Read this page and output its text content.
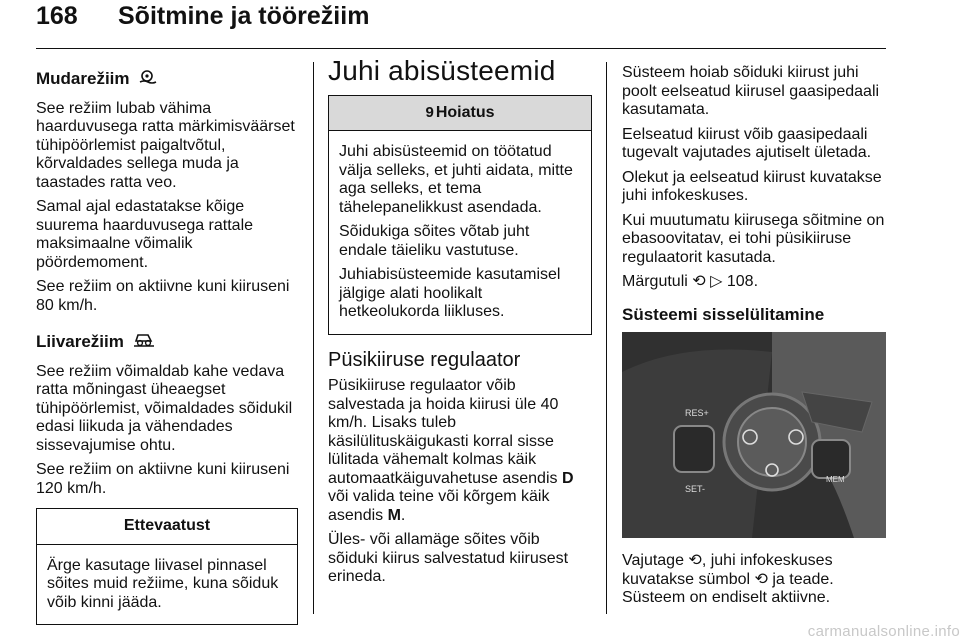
168 Sõitmine ja töörežiim
Mudarežiim

See režiim lubab vähima haarduvusega ratta märkimisväärset tühipöörlemist paigaltvõtul, kõrvaldades sellega muda ja taastades ratta veo.

Samal ajal edastatakse kõige suurema haarduvusega rattale maksimaalne võimalik pöördemoment.

See režiim on aktiivne kuni kiiruseni 80 km/h.

Liivarežiim

See režiim võimaldab kahe vedava ratta mõningast üheaegset tühipöörlemist, võimaldades sõidukil edasi liikuda ja vähendades sissevajumise ohtu.

See režiim on aktiivne kuni kiiruseni 120 km/h.

Ettevaatust

Ärge kasutage liivasel pinnasel sõites muid režiime, kuna sõiduk võib kinni jääda.

Juhi abisüsteemid
9 Hoiatus

Juhi abisüsteemid on töötatud välja selleks, et juhti aidata, mitte aga selleks, et tema tähelepanelikkust asendada.

Sõidukiga sõites võtab juht endale täieliku vastutuse.

Juhiabisüsteemide kasutamisel jälgige alati hoolikalt hetkeolukorda liikluses.

Püsikiiruse regulaator

Püsikiiruse regulaator võib salvestada ja hoida kiirusi üle 40 km/h. Lisaks tuleb käsilülituskäigukasti korral sisse lülitada vähemalt kolmas käik automaatkäiguvahetuse asendis D või valida teine või kõrgem käik asendis M.

Üles- või allamäge sõites võib sõiduki kiirus salvestatud kiirusest erineda.

Süsteem hoiab sõiduki kiirust juhi poolt eelseatud kiirusel gaasipedaali kasutamata.

Eelseatud kiirust võib gaasipedaali tugevalt vajutades ajutiselt ületada.

Olekut ja eelseatud kiirust kuvatakse juhi infokeskuses.

Kui muutumatu kiirusega sõitmine on ebasoovitatav, ei tohi püsikiiruse regulaatorit kasutada.

Märgutuli ⟲ ▷ 108.

Süsteemi sisselülitamine
RES+
SET-
MEM

Vajutage ⟲, juhi infokeskuses kuvatakse sümbol ⟲ ja teade. Süsteem on endiselt aktiivne.

carmanualsonline.info
